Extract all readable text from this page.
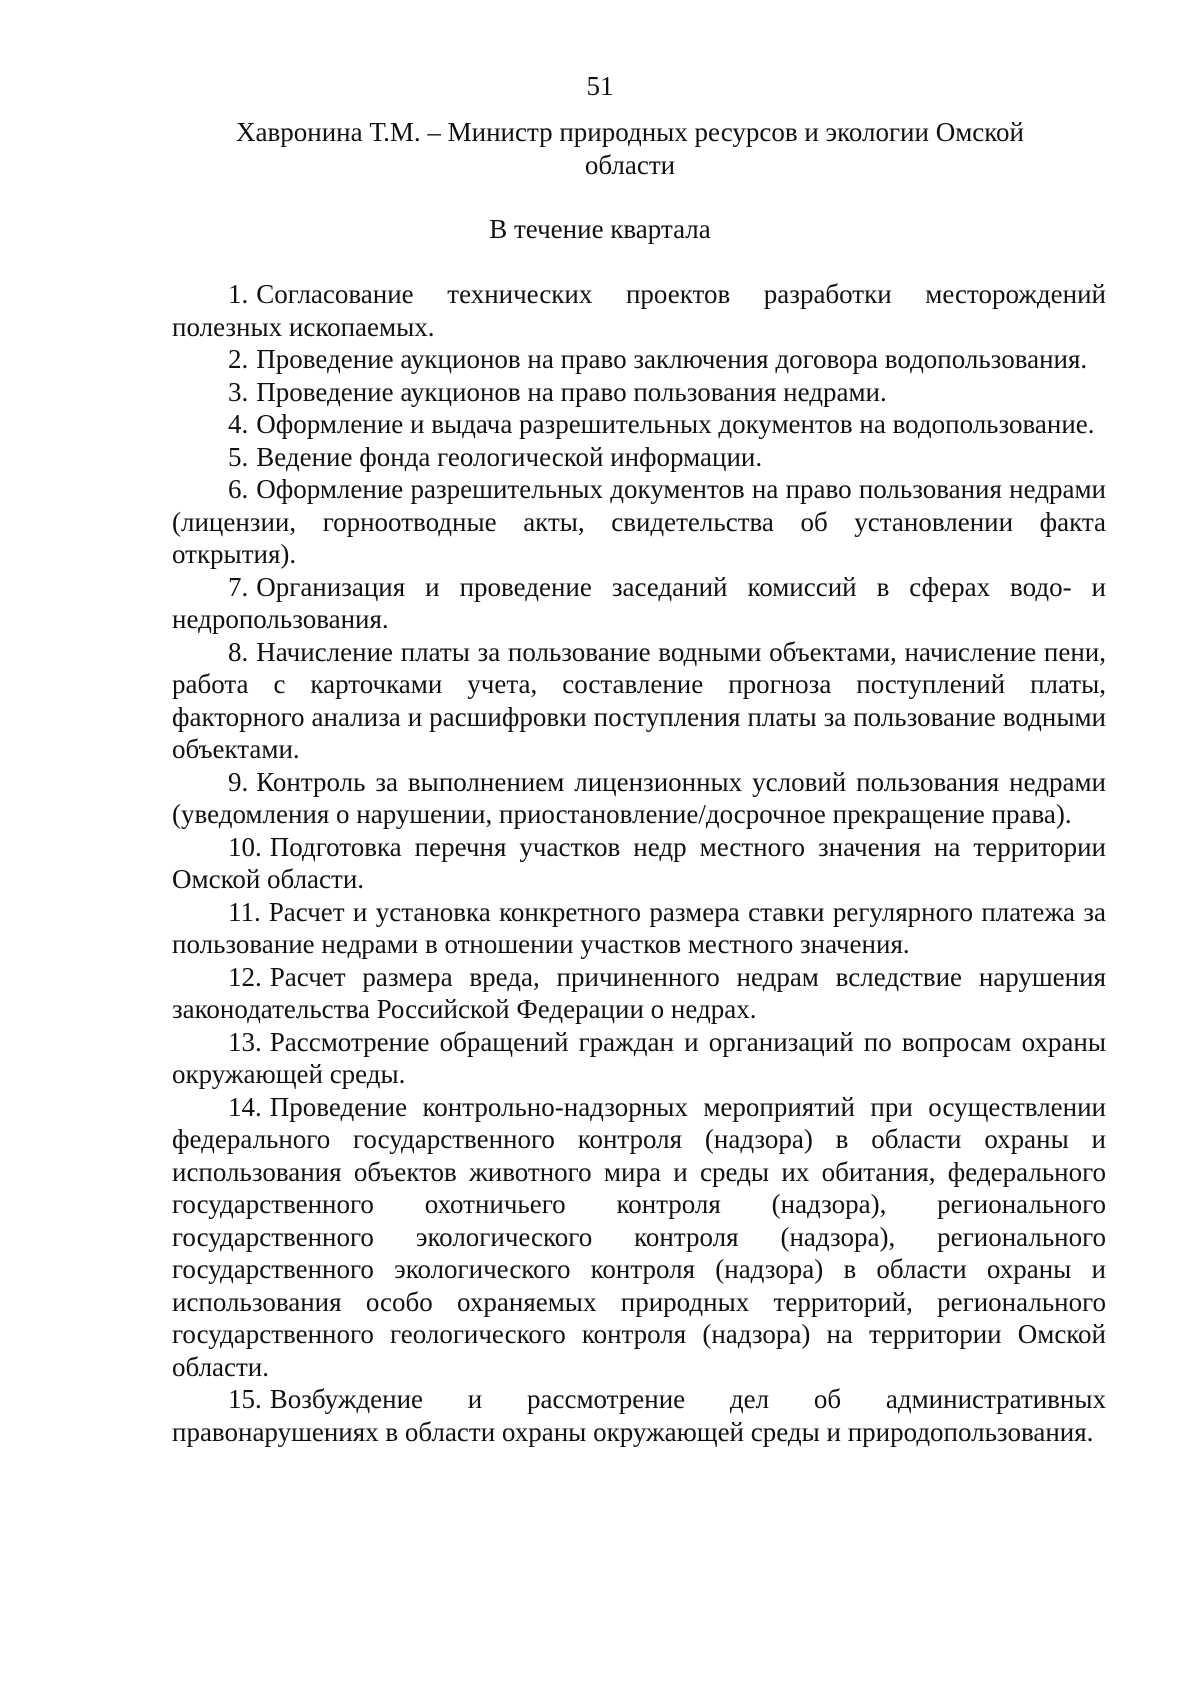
51
Хавронина Т.М. – Министр природных ресурсов и экологии Омской
области
В течение квартала

1. Согласование технических проектов разработки месторождений полезных ископаемых.

2. Проведение аукционов на право заключения договора водопользования.

3. Проведение аукционов на право пользования недрами.

4. Оформление и выдача разрешительных документов на водопользование.

5. Ведение фонда геологической информации.

6. Оформление разрешительных документов на право пользования недрами (лицензии, горноотводные акты, свидетельства об установлении факта открытия).

7. Организация и проведение заседаний комиссий в сферах водо- и недропользования.

8. Начисление платы за пользование водными объектами, начисление пени, работа с карточками учета, составление прогноза поступлений платы, факторного анализа и расшифровки поступления платы за пользование водными объектами.

9. Контроль за выполнением лицензионных условий пользования недрами (уведомления о нарушении, приостановление/досрочное прекращение права).

10. Подготовка перечня участков недр местного значения на территории Омской области.

11. Расчет и установка конкретного размера ставки регулярного платежа за пользование недрами в отношении участков местного значения.

12. Расчет размера вреда, причиненного недрам вследствие нарушения законодательства Российской Федерации о недрах.

13. Рассмотрение обращений граждан и организаций по вопросам охраны окружающей среды.

14. Проведение контрольно-надзорных мероприятий при осуществлении федерального государственного контроля (надзора) в области охраны и использования объектов животного мира и среды их обитания, федерального государственного охотничьего контроля (надзора), регионального государственного экологического контроля (надзора), регионального государственного экологического контроля (надзора) в области охраны и использования особо охраняемых природных территорий, регионального государственного геологического контроля (надзора) на территории Омской области.

15. Возбуждение и рассмотрение дел об административных правонарушениях в области охраны окружающей среды и природопользования.
